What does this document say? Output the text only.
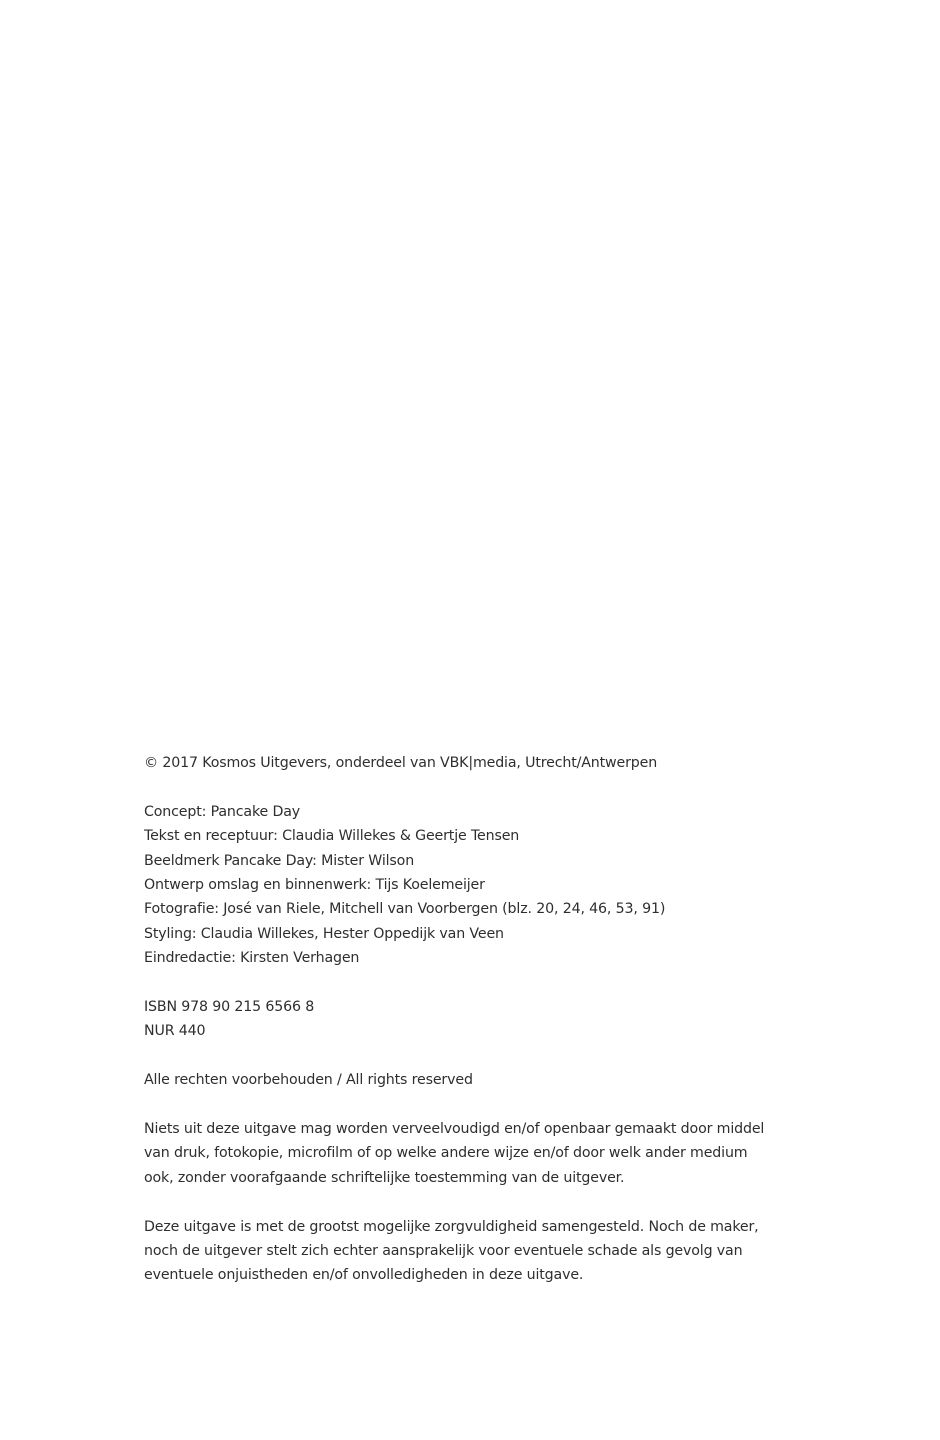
© 2017 Kosmos Uitgevers, onderdeel van VBK|media, Utrecht/Antwerpen
Concept: Pancake Day
Tekst en receptuur: Claudia Willekes & Geertje Tensen
Beeldmerk Pancake Day: Mister Wilson
Ontwerp omslag en binnenwerk: Tijs Koelemeijer
Fotografie: José van Riele, Mitchell van Voorbergen (blz. 20, 24, 46, 53, 91)
Styling: Claudia Willekes, Hester Oppedijk van Veen
Eindredactie: Kirsten Verhagen
ISBN 978 90 215 6566 8
NUR 440
Alle rechten voorbehouden / All rights reserved
Niets uit deze uitgave mag worden verveelvoudigd en/of openbaar gemaakt door middel
van druk, fotokopie, microfilm of op welke andere wijze en/of door welk ander medium
ook, zonder voorafgaande schriftelijke toestemming van de uitgever.
Deze uitgave is met de grootst mogelijke zorgvuldigheid samengesteld. Noch de maker,
noch de uitgever stelt zich echter aansprakelijk voor eventuele schade als gevolg van
eventuele onjuistheden en/of onvolledigheden in deze uitgave.
